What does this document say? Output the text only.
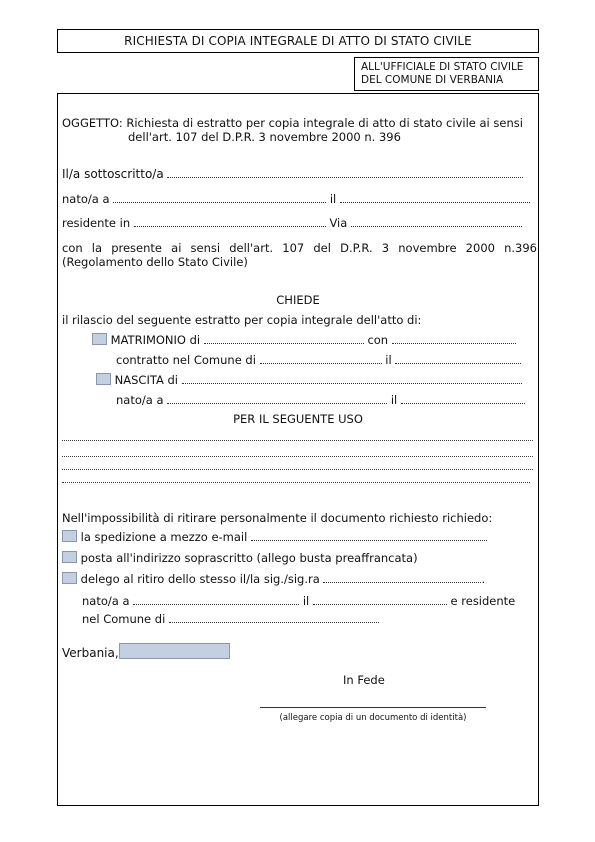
RICHIESTA DI COPIA INTEGRALE DI ATTO DI STATO CIVILE
ALL'UFFICIALE DI STATO CIVILE
DEL COMUNE DI VERBANIA
OGGETTO: Richiesta di estratto per copia integrale di atto di stato civile ai sensi
dell'art. 107 del D.P.R. 3 novembre 2000 n. 396
Il/a sottoscritto/a
nato/a a	il
residente in	Via
con la presente ai sensi dell'art. 107 del D.P.R. 3 novembre 2000 n.396
(Regolamento dello Stato Civile)
CHIEDE
il rilascio del seguente estratto per copia integrale dell'atto di:
MATRIMONIO di	con
contratto nel Comune di	il
NASCITA di
nato/a a	il
PER IL SEGUENTE USO
Nell'impossibilità di ritirare personalmente il documento richiesto richiedo:
la spedizione a mezzo e-mail
posta all'indirizzo soprascritto (allego busta preaffrancata)
delego al ritiro dello stesso il/la sig./sig.ra	.
nato/a a	il	e residente
nel Comune di
Verbania,
In Fede
(allegare copia di un documento di identità)
